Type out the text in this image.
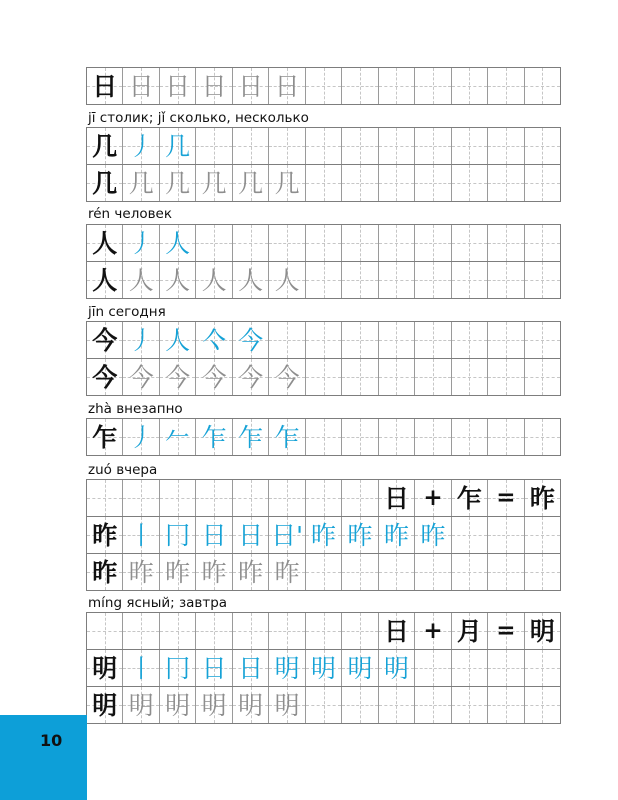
日 日 日 日 日 日
jī столик; jǐ сколько, несколько
几 丿 几
几 几 几 几 几 几
rén человек
人 丿 人
人 人 人 人 人 人
jīn сегодня
今 丿 人 亽 今
今 今 今 今 今 今
zhà внезапно
乍 丿 𠂉 乍 乍 乍
zuó вчера
日 + 乍 = 昨
昨 丨 冂 日 日 日' 昨 昨 昨 昨
昨 昨 昨 昨 昨 昨
míng ясный; завтра
日 + 月 = 明
明 丨 冂 日 日 明 明 明 明
明 明 明 明 明 明
10
